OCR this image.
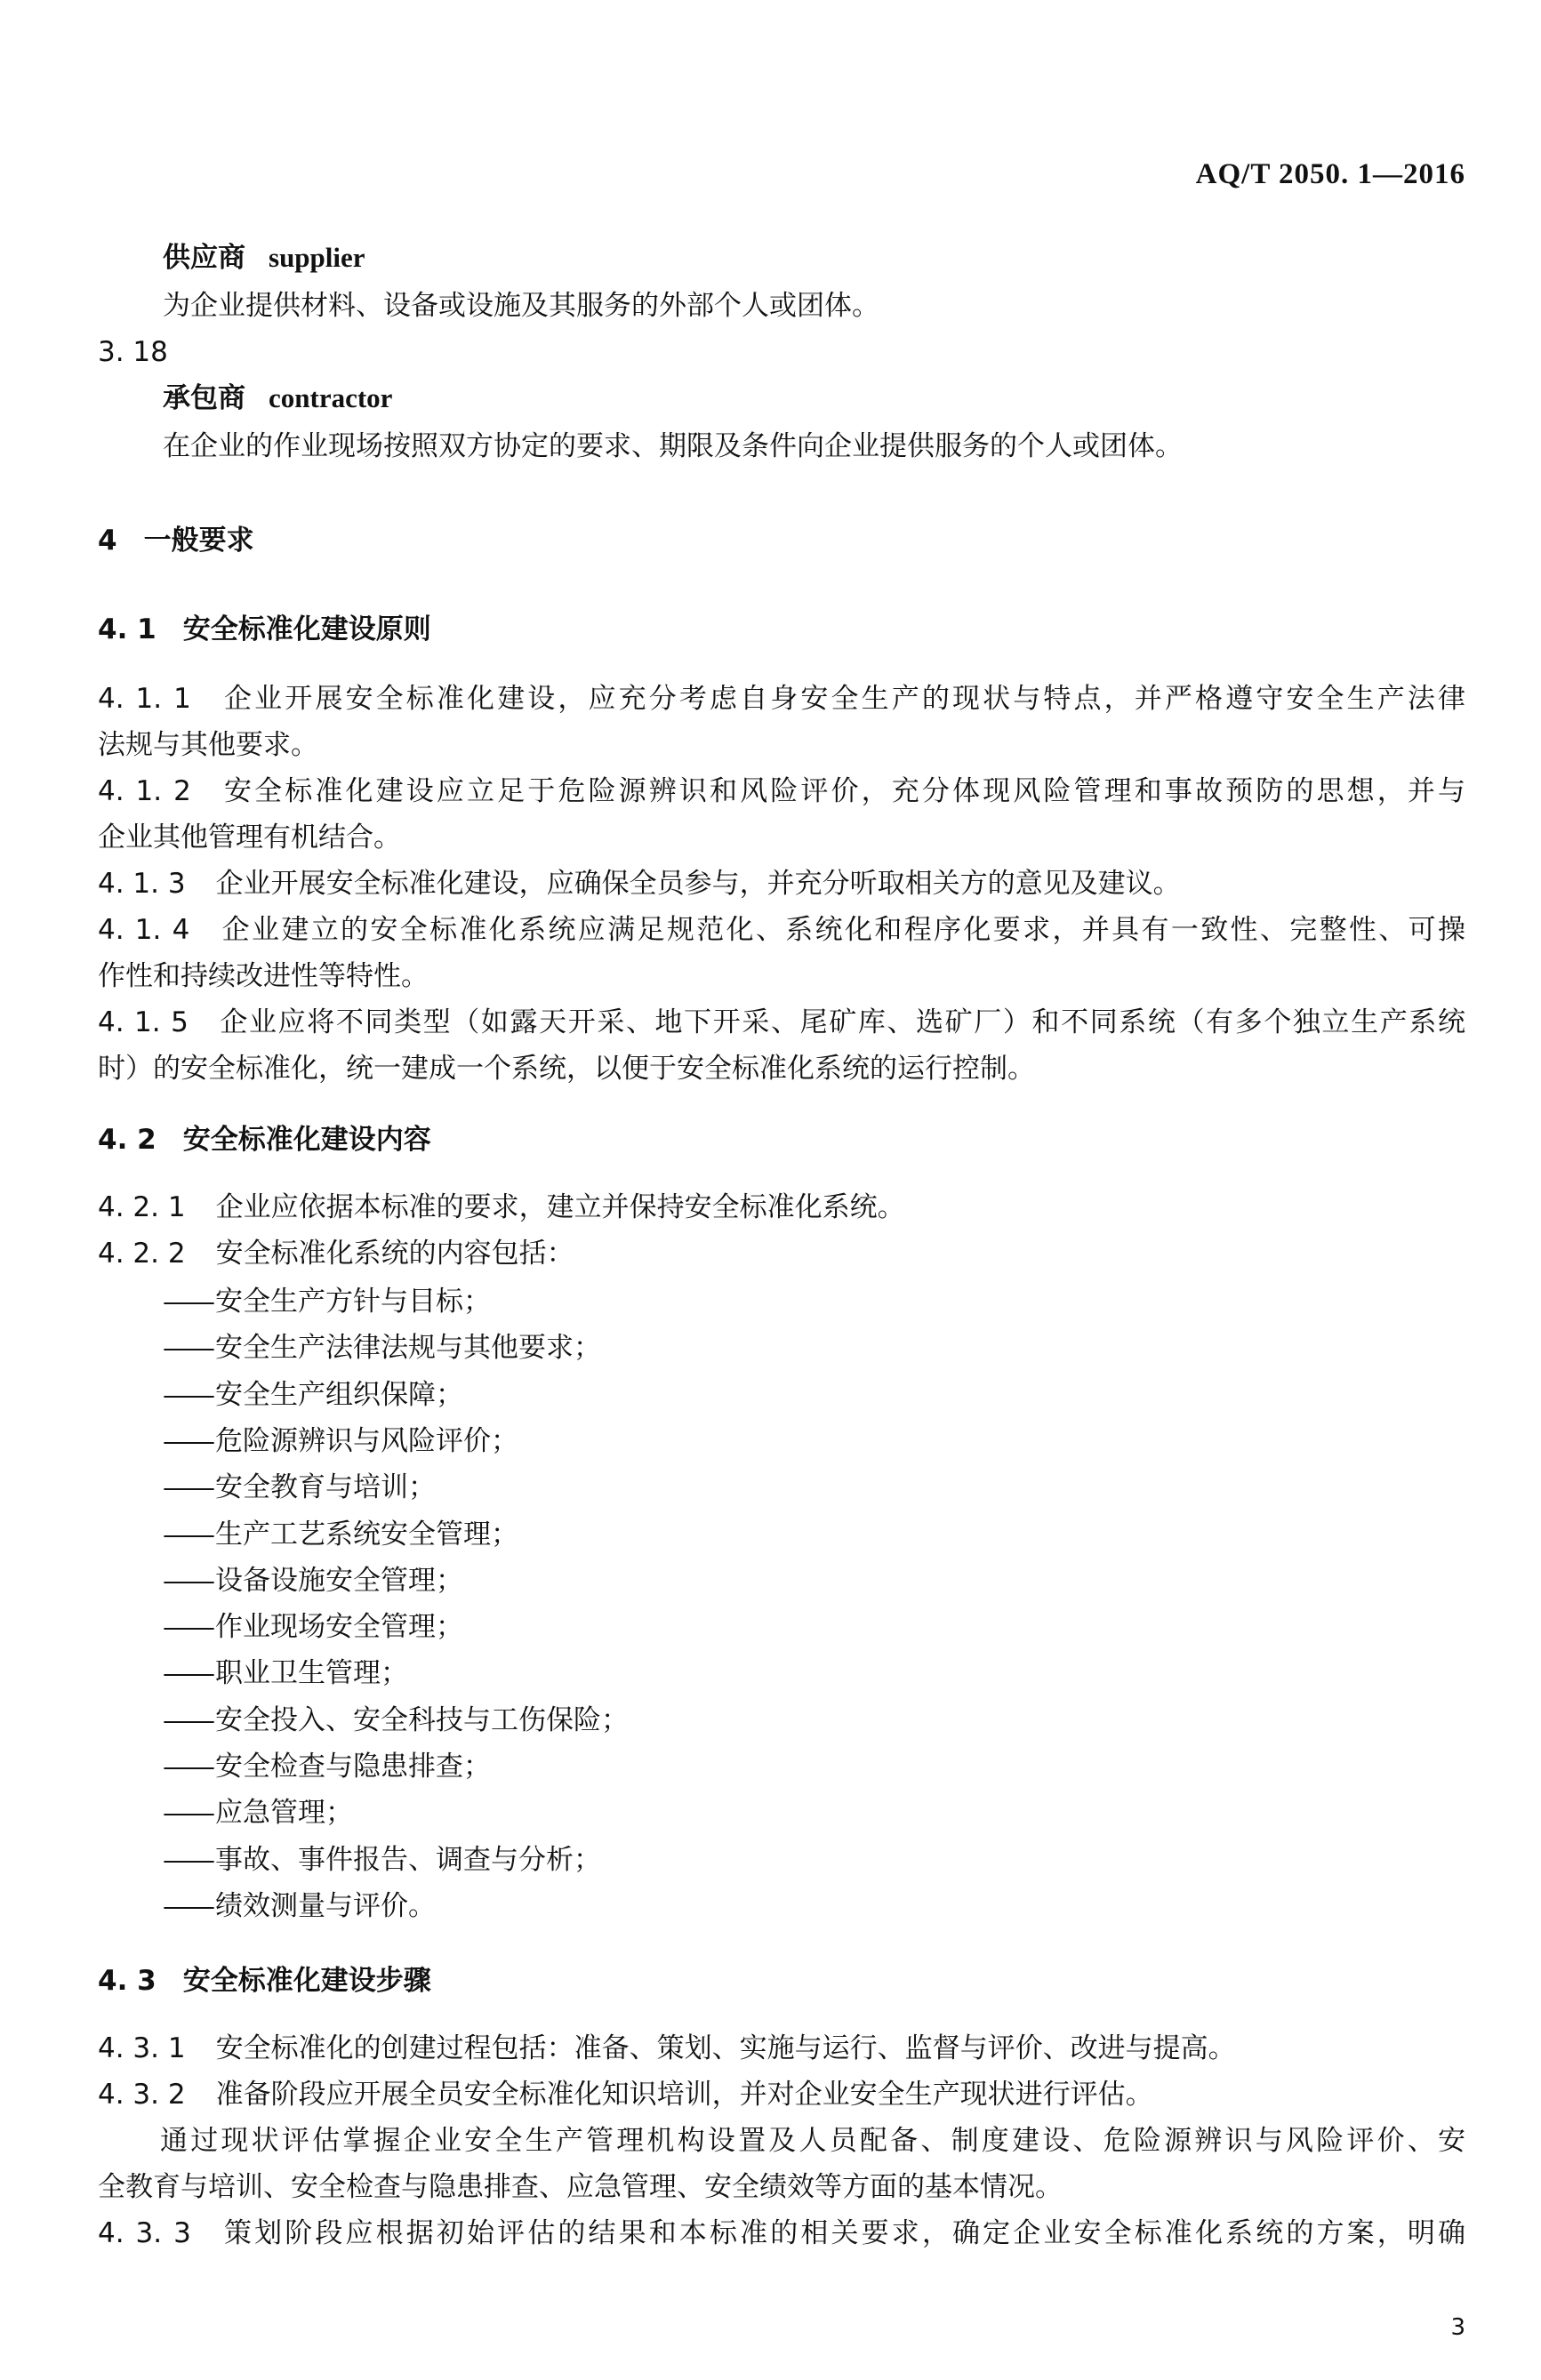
AQ/T 2050. 1—2016
供应商 supplier
为企业提供材料、设备或设施及其服务的外部个人或团体。
3. 18
承包商 contractor
在企业的作业现场按照双方协定的要求、期限及条件向企业提供服务的个人或团体。
4 一般要求
4. 1 安全标准化建设原则
4. 1. 1 企业开展安全标准化建设，应充分考虑自身安全生产的现状与特点，并严格遵守安全生产法律
法规与其他要求。
4. 1. 2 安全标准化建设应立足于危险源辨识和风险评价，充分体现风险管理和事故预防的思想，并与
企业其他管理有机结合。
4. 1. 3 企业开展安全标准化建设，应确保全员参与，并充分听取相关方的意见及建议。
4. 1. 4 企业建立的安全标准化系统应满足规范化、系统化和程序化要求，并具有一致性、完整性、可操
作性和持续改进性等特性。
4. 1. 5 企业应将不同类型（如露天开采、地下开采、尾矿库、选矿厂）和不同系统（有多个独立生产系统
时）的安全标准化，统一建成一个系统，以便于安全标准化系统的运行控制。
4. 2 安全标准化建设内容
4. 2. 1 企业应依据本标准的要求，建立并保持安全标准化系统。
4. 2. 2 安全标准化系统的内容包括：
——安全生产方针与目标；
——安全生产法律法规与其他要求；
——安全生产组织保障；
——危险源辨识与风险评价；
——安全教育与培训；
——生产工艺系统安全管理；
——设备设施安全管理；
——作业现场安全管理；
——职业卫生管理；
——安全投入、安全科技与工伤保险；
——安全检查与隐患排查；
——应急管理；
——事故、事件报告、调查与分析；
——绩效测量与评价。
4. 3 安全标准化建设步骤
4. 3. 1 安全标准化的创建过程包括：准备、策划、实施与运行、监督与评价、改进与提高。
4. 3. 2 准备阶段应开展全员安全标准化知识培训，并对企业安全生产现状进行评估。
通过现状评估掌握企业安全生产管理机构设置及人员配备、制度建设、危险源辨识与风险评价、安
全教育与培训、安全检查与隐患排查、应急管理、安全绩效等方面的基本情况。
4. 3. 3 策划阶段应根据初始评估的结果和本标准的相关要求，确定企业安全标准化系统的方案，明确
3
